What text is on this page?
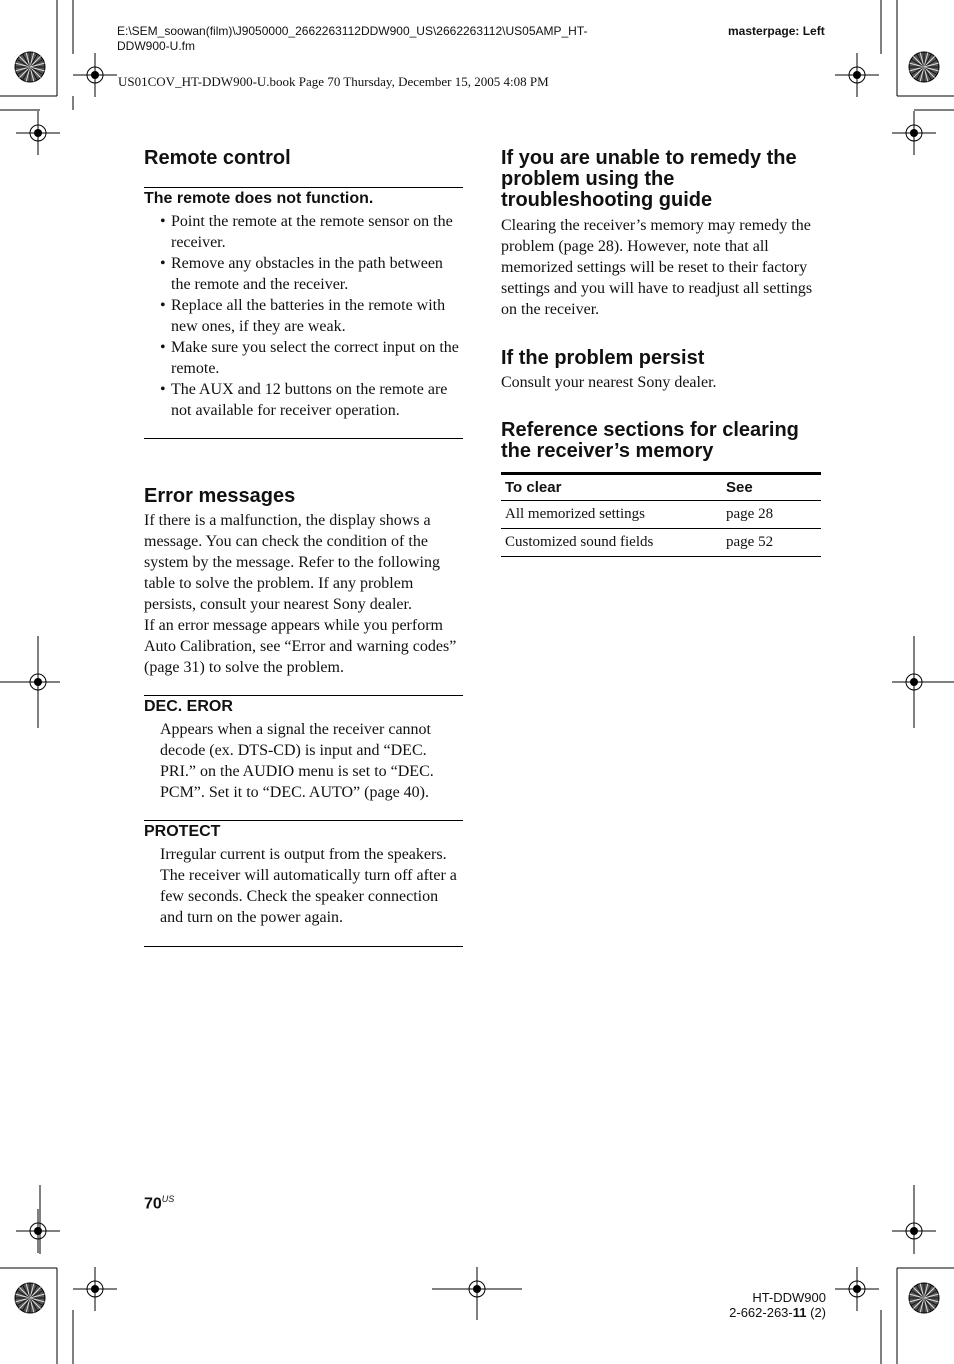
E:\SEM_soowan(film)\J9050000_2662263112DDW900_US\2662263112\US05AMP_HT-
DDW900-U.fm
masterpage: Left
US01COV_HT-DDW900-U.book Page 70 Thursday, December 15, 2005 4:08 PM
Remote control
The remote does not function.
• Point the remote at the remote sensor on the receiver.
• Remove any obstacles in the path between the remote and the receiver.
• Replace all the batteries in the remote with new ones, if they are weak.
• Make sure you select the correct input on the remote.
• The AUX and 12 buttons on the remote are not available for receiver operation.
Error messages

If there is a malfunction, the display shows a message. You can check the condition of the system by the message. Refer to the following table to solve the problem. If any problem persists, consult your nearest Sony dealer.

If an error message appears while you perform Auto Calibration, see “Error and warning codes” (page 31) to solve the problem.

DEC. EROR

Appears when a signal the receiver cannot decode (ex. DTS-CD) is input and “DEC. PRI.” on the AUDIO menu is set to “DEC. PCM”. Set it to “DEC. AUTO” (page 40).

PROTECT

Irregular current is output from the speakers. The receiver will automatically turn off after a few seconds. Check the speaker connection and turn on the power again.

If you are unable to remedy the problem using the troubleshooting guide

Clearing the receiver’s memory may remedy the problem (page 28). However, note that all memorized settings will be reset to their factory settings and you will have to readjust all settings on the receiver.

If the problem persist

Consult your nearest Sony dealer.

Reference sections for clearing the receiver’s memory
To clear	See
All memorized settings	page 28
Customized sound fields	page 52
$70^{US}$
HT-DDW900
2-662-263-11 (2)
